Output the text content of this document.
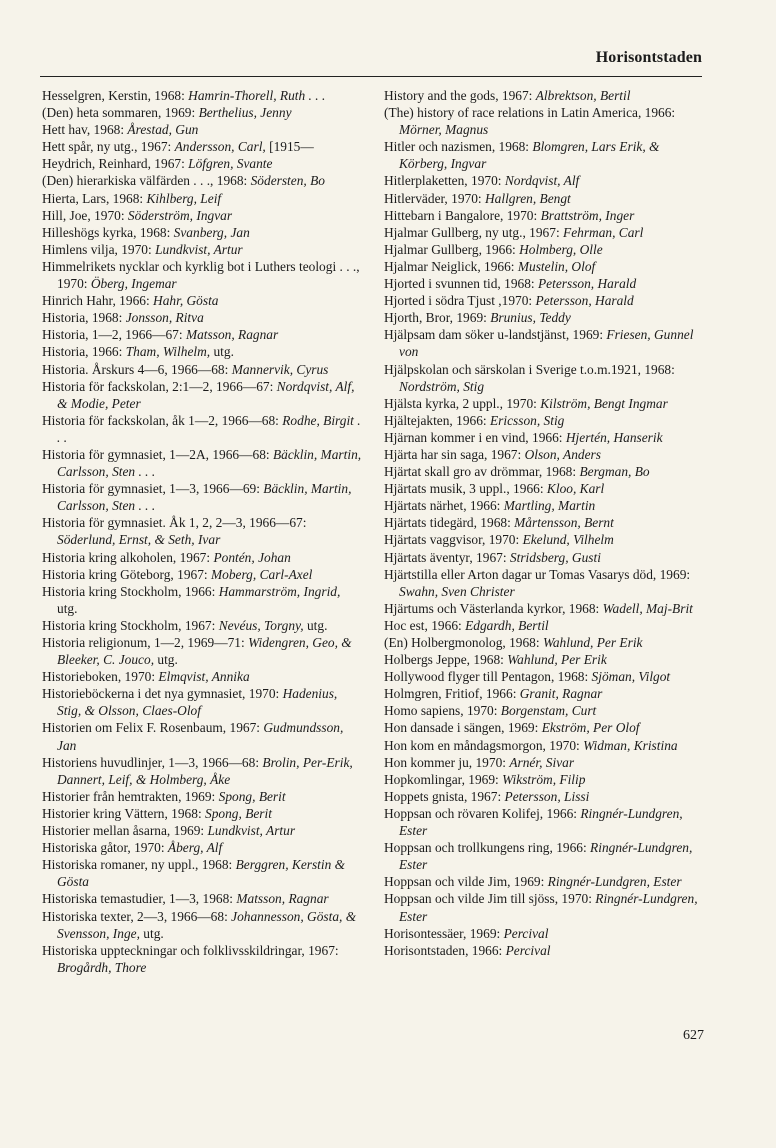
Horisontstaden
Hesselgren, Kerstin, 1968: Hamrin-Thorell, Ruth . . .
(Den) heta sommaren, 1969: Berthelius, Jenny
Hett hav, 1968: Årestad, Gun
Hett spår, ny utg., 1967: Andersson, Carl, [1915—
Heydrich, Reinhard, 1967: Löfgren, Svante
(Den) hierarkiska välfärden . . ., 1968: Södersten, Bo
Hierta, Lars, 1968: Kihlberg, Leif
Hill, Joe, 1970: Söderström, Ingvar
Hilleshögs kyrka, 1968: Svanberg, Jan
Himlens vilja, 1970: Lundkvist, Artur
Himmelrikets nycklar och kyrklig bot i Luthers teologi . . ., 1970: Öberg, Ingemar
Hinrich Hahr, 1966: Hahr, Gösta
Historia, 1968: Jonsson, Ritva
Historia, 1—2, 1966—67: Matsson, Ragnar
Historia, 1966: Tham, Wilhelm, utg.
Historia. Årskurs 4—6, 1966—68: Mannervik, Cyrus
Historia för fackskolan, 2:1—2, 1966—67: Nordqvist, Alf, & Modie, Peter
Historia för fackskolan, åk 1—2, 1966—68: Rodhe, Birgit . . .
Historia för gymnasiet, 1—2A, 1966—68: Bäcklin, Martin, Carlsson, Sten . . .
Historia för gymnasiet, 1—3, 1966—69: Bäcklin, Martin, Carlsson, Sten . . .
Historia för gymnasiet. Åk 1, 2, 2—3, 1966—67: Söderlund, Ernst, & Seth, Ivar
Historia kring alkoholen, 1967: Pontén, Johan
Historia kring Göteborg, 1967: Moberg, Carl-Axel
Historia kring Stockholm, 1966: Hammarström, Ingrid, utg.
Historia kring Stockholm, 1967: Nevéus, Torgny, utg.
Historia religionum, 1—2, 1969—71: Widengren, Geo, & Bleeker, C. Jouco, utg.
Historieboken, 1970: Elmqvist, Annika
Historieböckerna i det nya gymnasiet, 1970: Hadenius, Stig, & Olsson, Claes-Olof
Historien om Felix F. Rosenbaum, 1967: Gudmundsson, Jan
Historiens huvudlinjer, 1—3, 1966—68: Brolin, Per-Erik, Dannert, Leif, & Holmberg, Åke
Historier från hemtrakten, 1969: Spong, Berit
Historier kring Vättern, 1968: Spong, Berit
Historier mellan åsarna, 1969: Lundkvist, Artur
Historiska gåtor, 1970: Åberg, Alf
Historiska romaner, ny uppl., 1968: Berggren, Kerstin & Gösta
Historiska temastudier, 1—3, 1968: Matsson, Ragnar
Historiska texter, 2—3, 1966—68: Johannesson, Gösta, & Svensson, Inge, utg.
Historiska uppteckningar och folklivsskildringar, 1967: Brogårdh, Thore
History and the gods, 1967: Albrektson, Bertil
(The) history of race relations in Latin America, 1966: Mörner, Magnus
Hitler och nazismen, 1968: Blomgren, Lars Erik, & Körberg, Ingvar
Hitlerplaketten, 1970: Nordqvist, Alf
Hitlerväder, 1970: Hallgren, Bengt
Hittebarn i Bangalore, 1970: Brattström, Inger
Hjalmar Gullberg, ny utg., 1967: Fehrman, Carl
Hjalmar Gullberg, 1966: Holmberg, Olle
Hjalmar Neiglick, 1966: Mustelin, Olof
Hjorted i svunnen tid, 1968: Petersson, Harald
Hjorted i södra Tjust ,1970: Petersson, Harald
Hjorth, Bror, 1969: Brunius, Teddy
Hjälpsam dam söker u-landstjänst, 1969: Friesen, Gunnel von
Hjälpskolan och särskolan i Sverige t.o.m.1921, 1968: Nordström, Stig
Hjälsta kyrka, 2 uppl., 1970: Kilström, Bengt Ingmar
Hjältejakten, 1966: Ericsson, Stig
Hjärnan kommer i en vind, 1966: Hjertén, Hanserik
Hjärta har sin saga, 1967: Olson, Anders
Hjärtat skall gro av drömmar, 1968: Bergman, Bo
Hjärtats musik, 3 uppl., 1966: Kloo, Karl
Hjärtats närhet, 1966: Martling, Martin
Hjärtats tidegärd, 1968: Mårtensson, Bernt
Hjärtats vaggvisor, 1970: Ekelund, Vilhelm
Hjärtats äventyr, 1967: Stridsberg, Gusti
Hjärtstilla eller Arton dagar ur Tomas Vasarys död, 1969: Swahn, Sven Christer
Hjärtums och Västerlanda kyrkor, 1968: Wadell, Maj-Brit
Hoc est, 1966: Edgardh, Bertil
(En) Holbergmonolog, 1968: Wahlund, Per Erik
Holbergs Jeppe, 1968: Wahlund, Per Erik
Hollywood flyger till Pentagon, 1968: Sjöman, Vilgot
Holmgren, Fritiof, 1966: Granit, Ragnar
Homo sapiens, 1970: Borgenstam, Curt
Hon dansade i sängen, 1969: Ekström, Per Olof
Hon kom en måndagsmorgon, 1970: Widman, Kristina
Hon kommer ju, 1970: Arnér, Sivar
Hopkomlingar, 1969: Wikström, Filip
Hoppets gnista, 1967: Petersson, Lissi
Hoppsan och rövaren Kolifej, 1966: Ringnér-Lundgren, Ester
Hoppsan och trollkungens ring, 1966: Ringnér-Lundgren, Ester
Hoppsan och vilde Jim, 1969: Ringnér-Lundgren, Ester
Hoppsan och vilde Jim till sjöss, 1970: Ringnér-Lundgren, Ester
Horisontessäer, 1969: Percival
Horisontstaden, 1966: Percival
627
